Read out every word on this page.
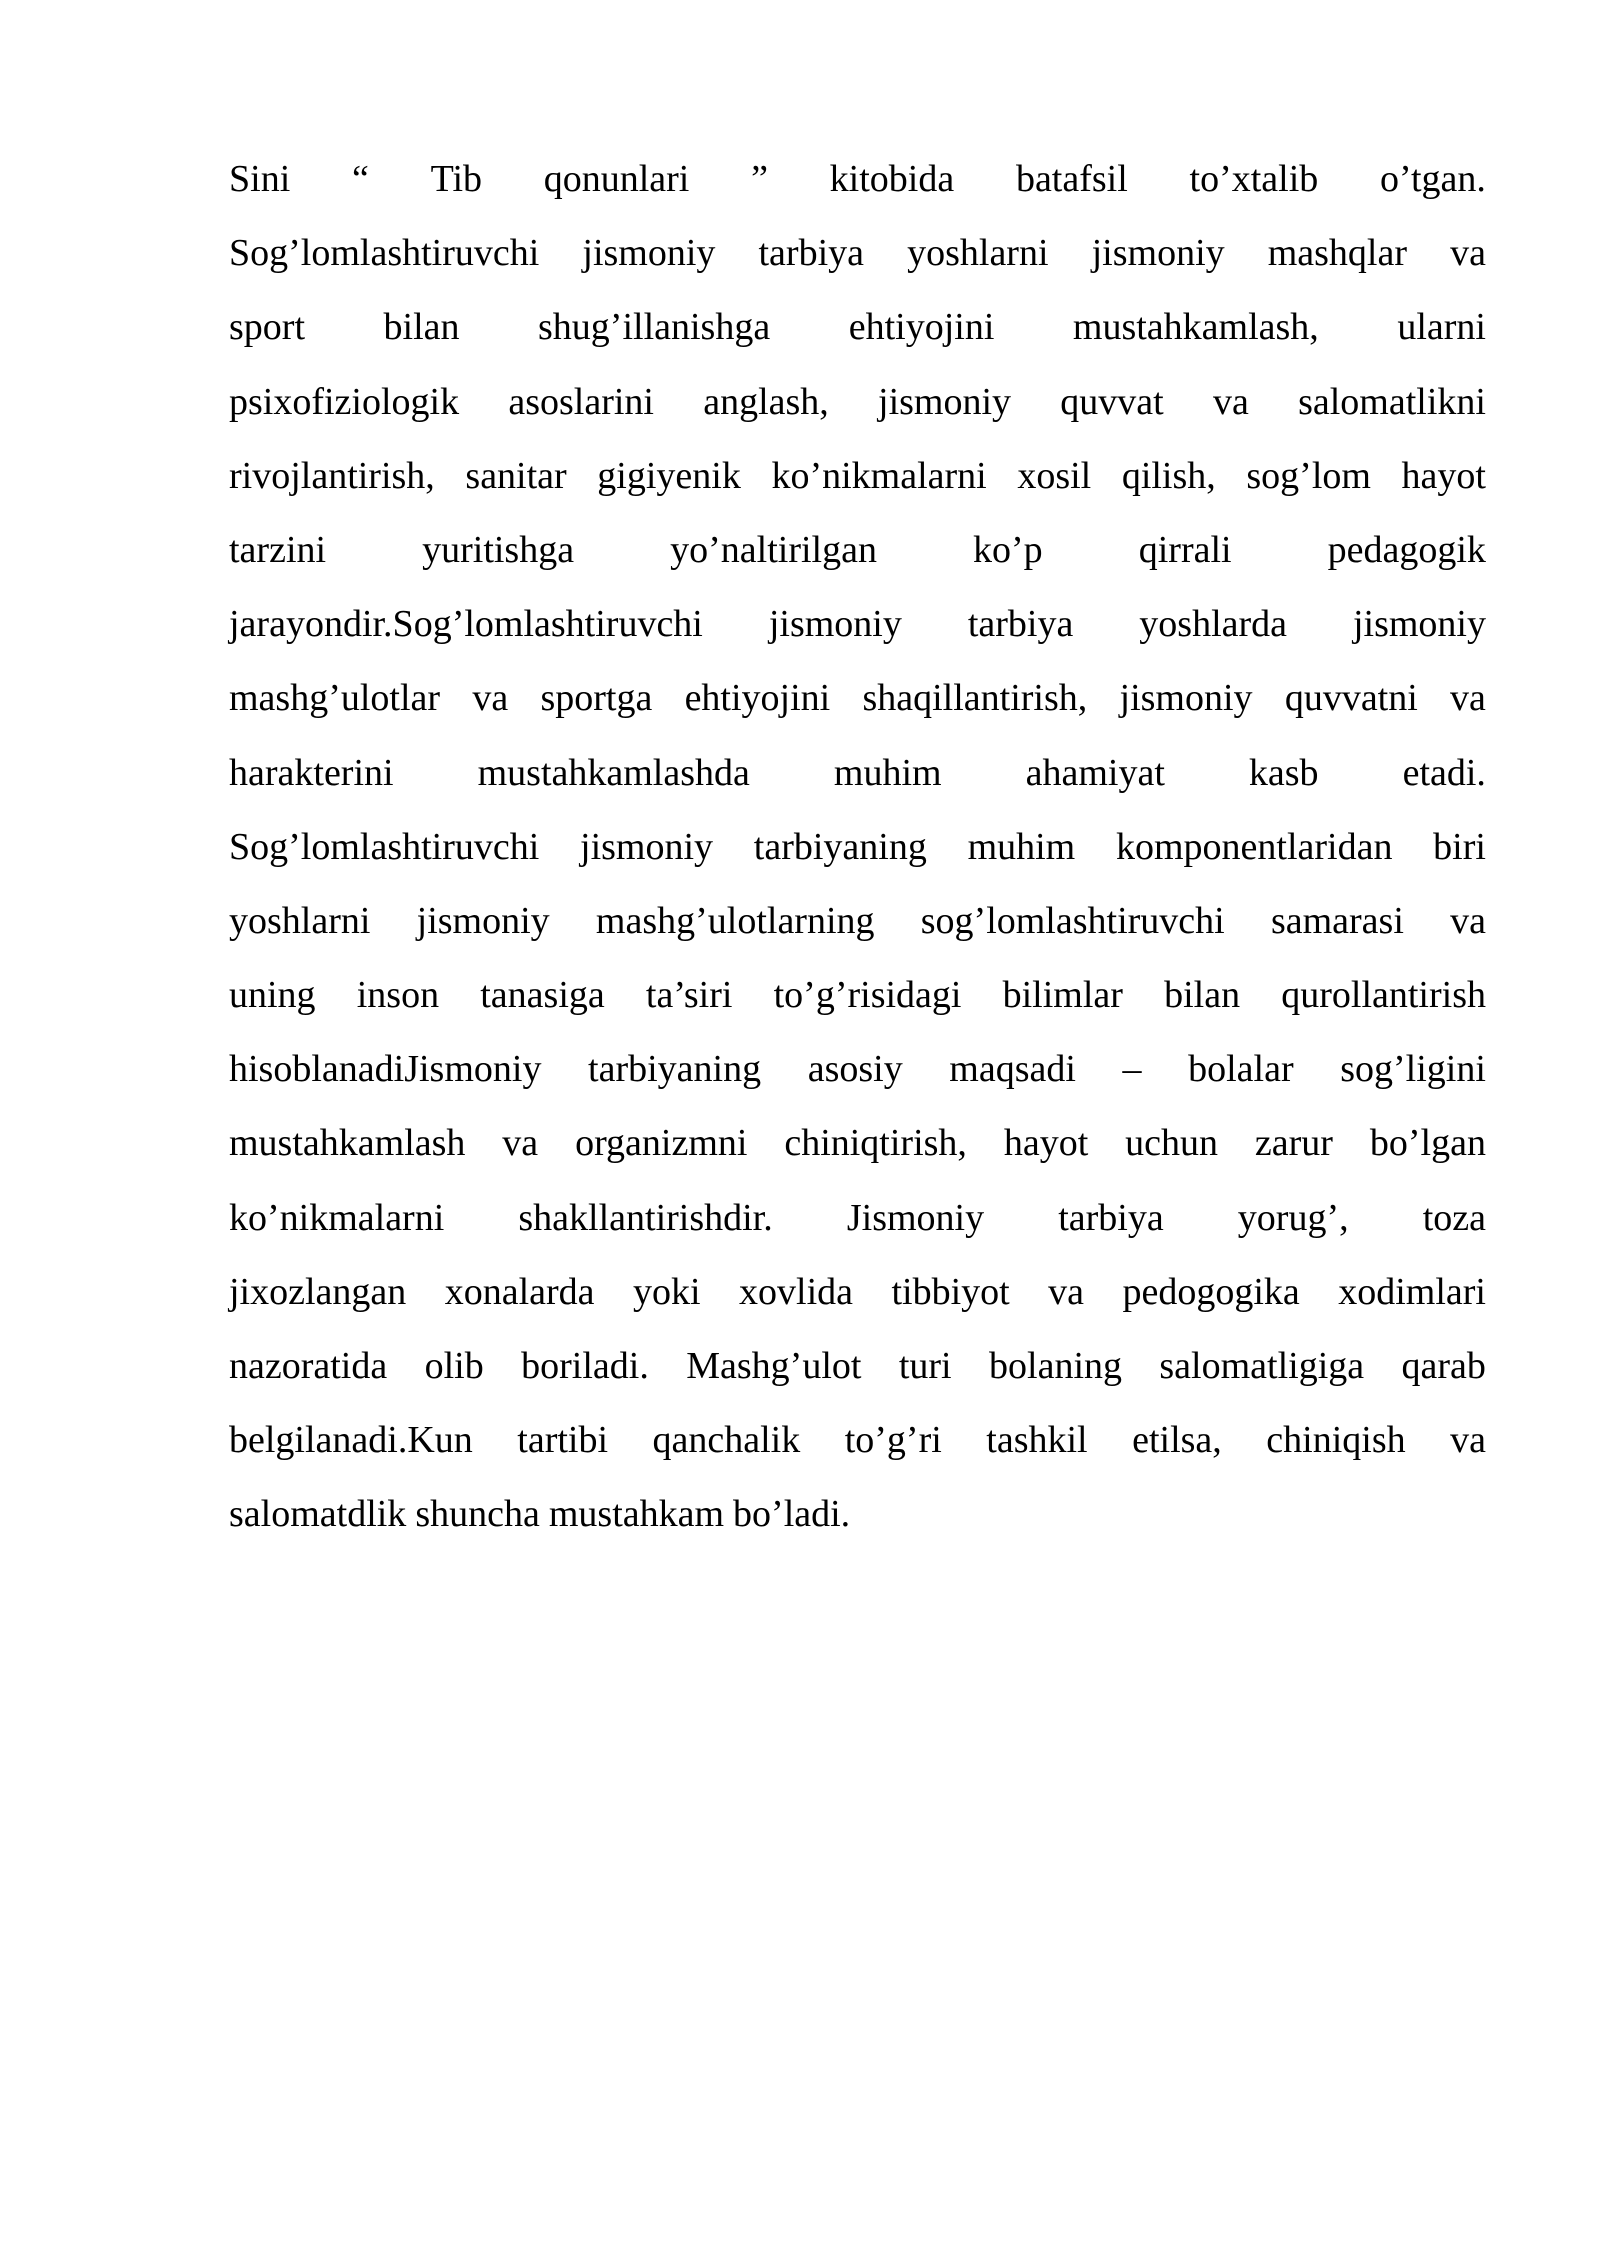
Sini “ Tib qonunlari ” kitobida batafsil to’xtalib o’tgan.
Sog’lomlashtiruvchi jismoniy tarbiya yoshlarni jismoniy mashqlar va
sport bilan shug’illanishga ehtiyojini mustahkamlash, ularni
psixofiziologik asoslarini anglash, jismoniy quvvat va salomatlikni
rivojlantirish, sanitar gigiyenik ko’nikmalarni xosil qilish, sog’lom hayot
tarzini	yuritishga	yo’naltirilgan	ko’p	qirrali	pedagogik
jarayondir.Sog’lomlashtiruvchi jismoniy tarbiya yoshlarda jismoniy
mashg’ulotlar va sportga ehtiyojini shaqillantirish, jismoniy quvvatni va
harakterini mustahkamlashda muhim ahamiyat kasb etadi.
Sog’lomlashtiruvchi jismoniy tarbiyaning muhim komponentlaridan biri
yoshlarni jismoniy mashg’ulotlarning sog’lomlashtiruvchi samarasi va
uning inson tanasiga ta’siri to’g’risidagi bilimlar bilan qurollantirish
hisoblanadiJismoniy tarbiyaning asosiy maqsadi – bolalar sog’ligini
mustahkamlash va organizmni chiniqtirish, hayot uchun zarur bo’lgan
ko’nikmalarni shakllantirishdir. Jismoniy tarbiya yorug’, toza
jixozlangan xonalarda yoki xovlida tibbiyot va pedogogika xodimlari
nazoratida olib boriladi. Mashg’ulot turi bolaning salomatligiga qarab
belgilanadi.Kun tartibi qanchalik to’g’ri tashkil etilsa, chiniqish va
salomatdlik shuncha mustahkam bo’ladi.
